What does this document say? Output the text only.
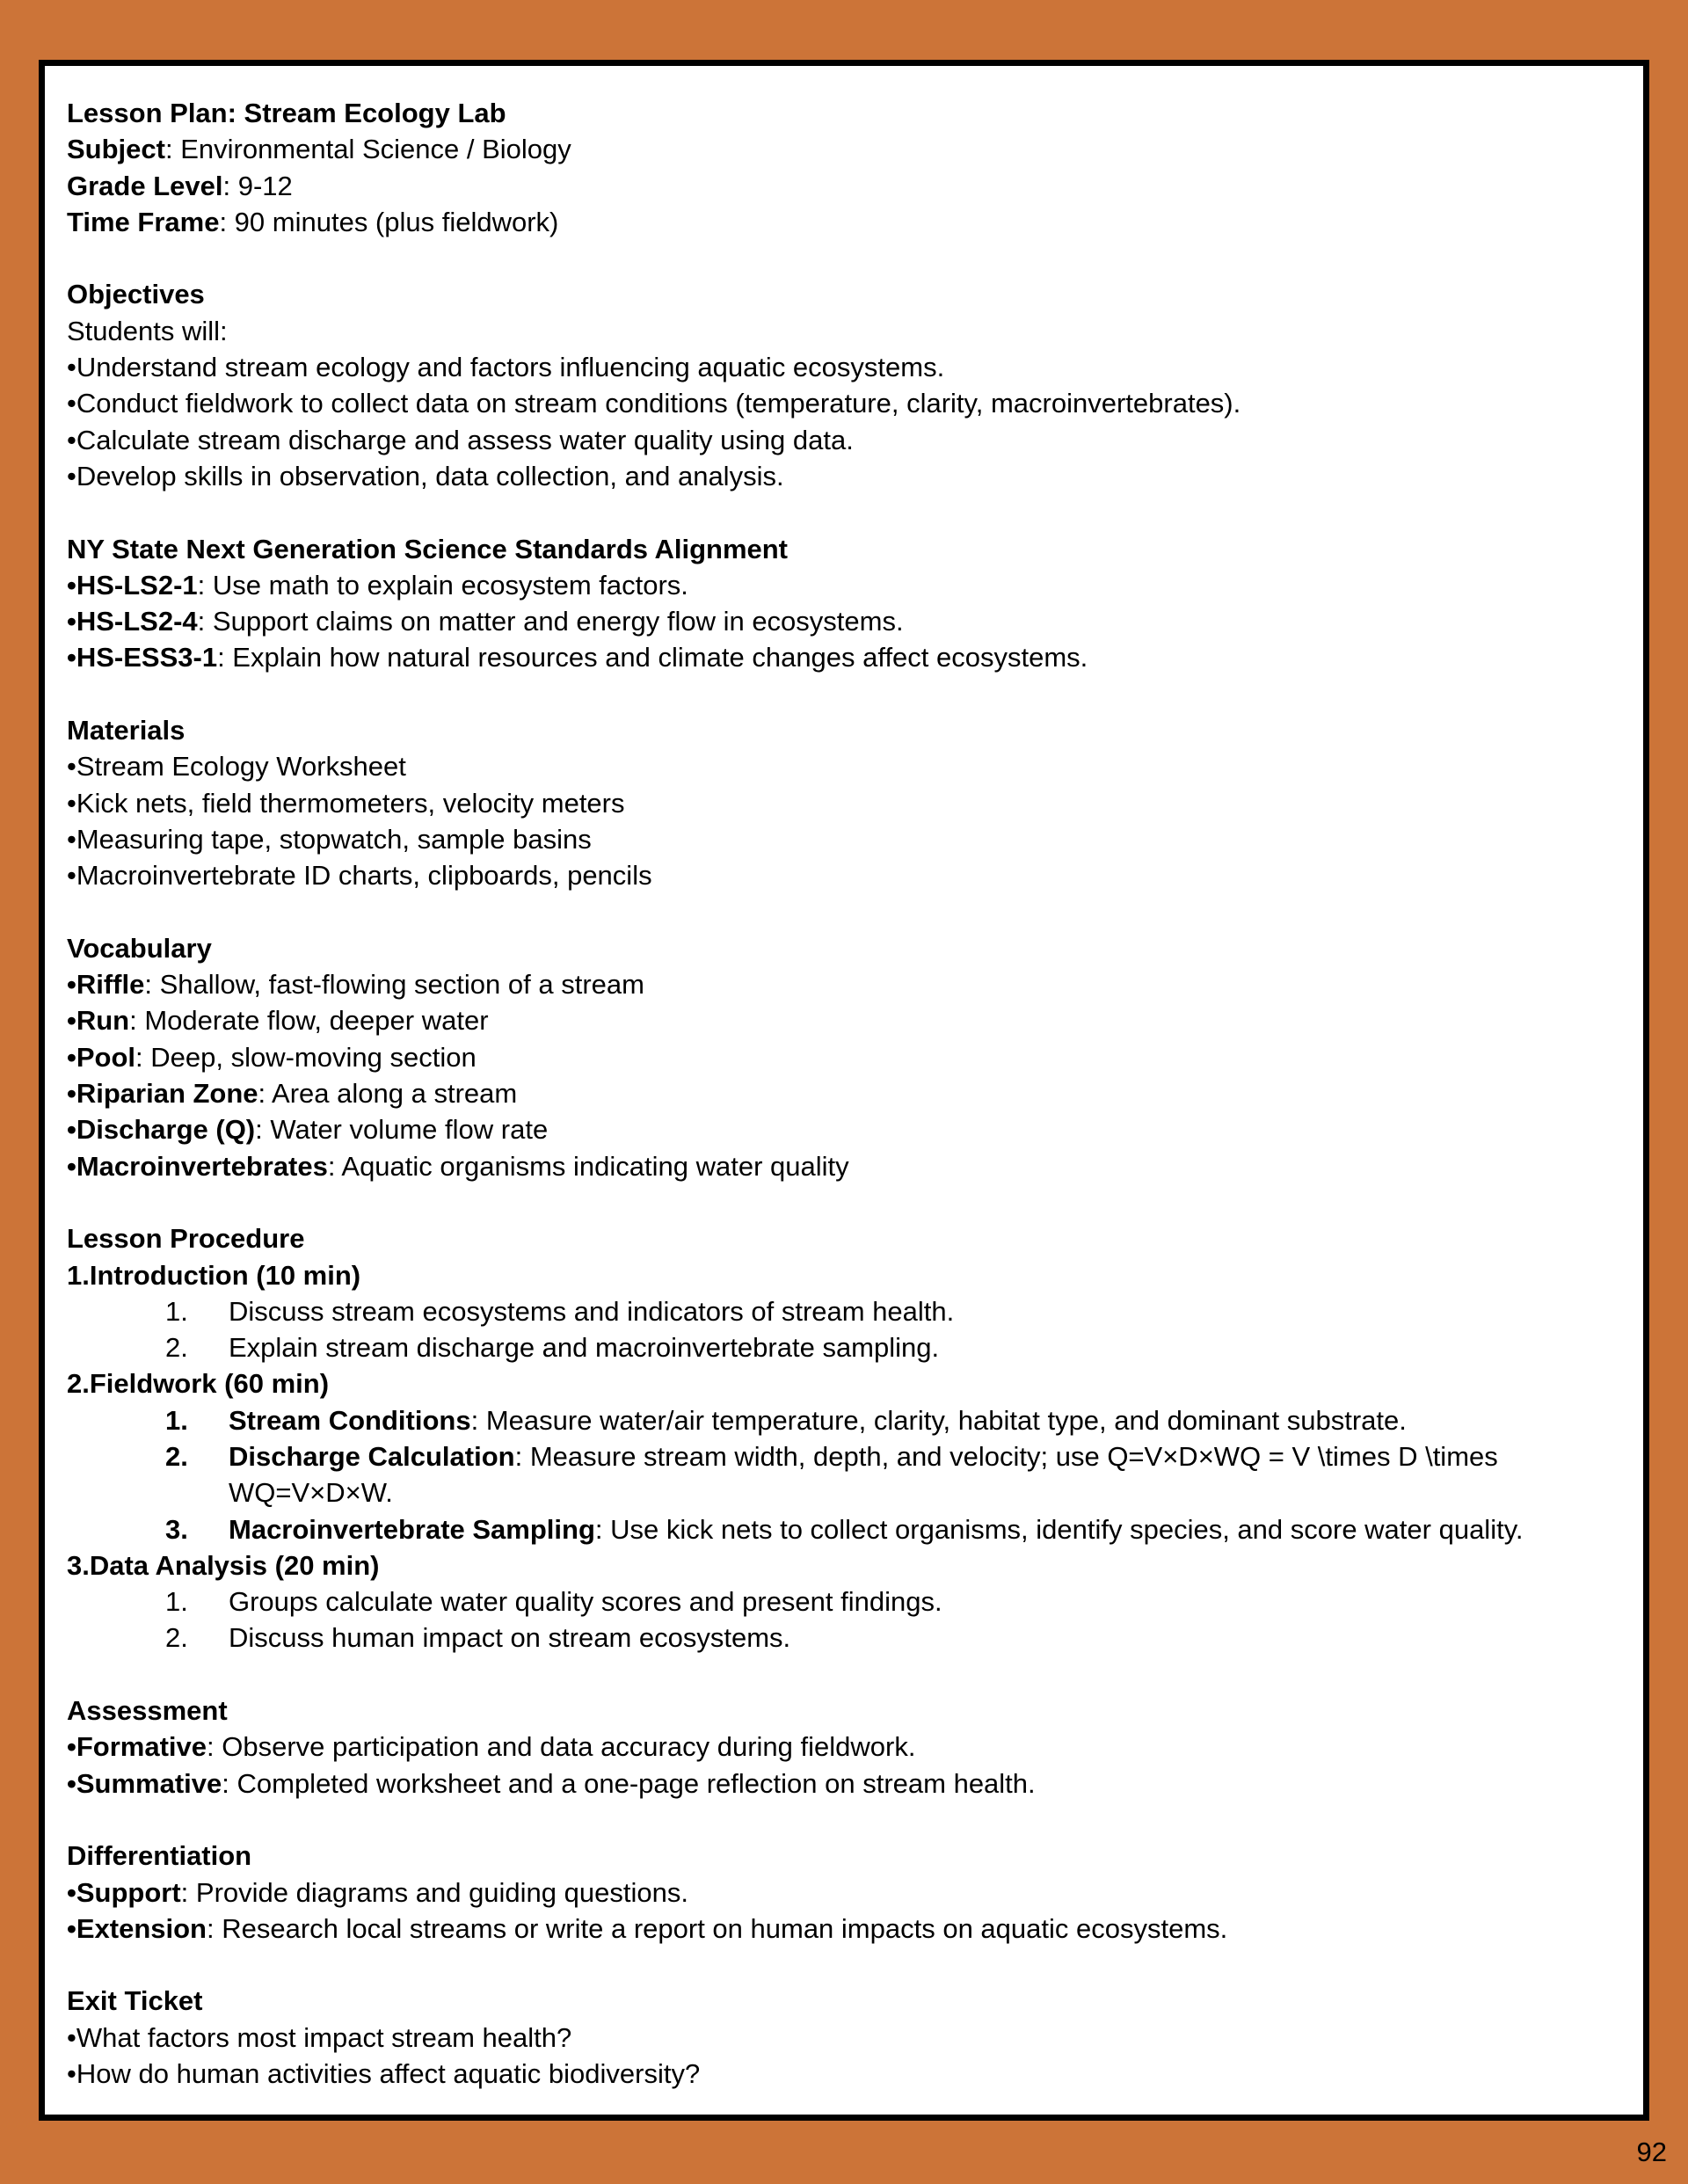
Lesson Plan: Stream Ecology Lab
Subject: Environmental Science / Biology
Grade Level: 9-12
Time Frame: 90 minutes (plus fieldwork)
Objectives
Students will:
•Understand stream ecology and factors influencing aquatic ecosystems.
•Conduct fieldwork to collect data on stream conditions (temperature, clarity, macroinvertebrates).
•Calculate stream discharge and assess water quality using data.
•Develop skills in observation, data collection, and analysis.
NY State Next Generation Science Standards Alignment
•HS-LS2-1: Use math to explain ecosystem factors.
•HS-LS2-4: Support claims on matter and energy flow in ecosystems.
•HS-ESS3-1: Explain how natural resources and climate changes affect ecosystems.
Materials
•Stream Ecology Worksheet
•Kick nets, field thermometers, velocity meters
•Measuring tape, stopwatch, sample basins
•Macroinvertebrate ID charts, clipboards, pencils
Vocabulary
•Riffle: Shallow, fast-flowing section of a stream
•Run: Moderate flow, deeper water
•Pool: Deep, slow-moving section
•Riparian Zone: Area along a stream
•Discharge (Q): Water volume flow rate
•Macroinvertebrates: Aquatic organisms indicating water quality
Lesson Procedure
1.Introduction (10 min)
1. Discuss stream ecosystems and indicators of stream health.
2. Explain stream discharge and macroinvertebrate sampling.
2.Fieldwork (60 min)
1. Stream Conditions: Measure water/air temperature, clarity, habitat type, and dominant substrate.
2. Discharge Calculation: Measure stream width, depth, and velocity; use Q=V×D×WQ = V \times D \times
WQ=V×D×W.
3. Macroinvertebrate Sampling: Use kick nets to collect organisms, identify species, and score water quality.
3.Data Analysis (20 min)
1. Groups calculate water quality scores and present findings.
2. Discuss human impact on stream ecosystems.
Assessment
•Formative: Observe participation and data accuracy during fieldwork.
•Summative: Completed worksheet and a one-page reflection on stream health.
Differentiation
•Support: Provide diagrams and guiding questions.
•Extension: Research local streams or write a report on human impacts on aquatic ecosystems.
Exit Ticket
•What factors most impact stream health?
•How do human activities affect aquatic biodiversity?
92
